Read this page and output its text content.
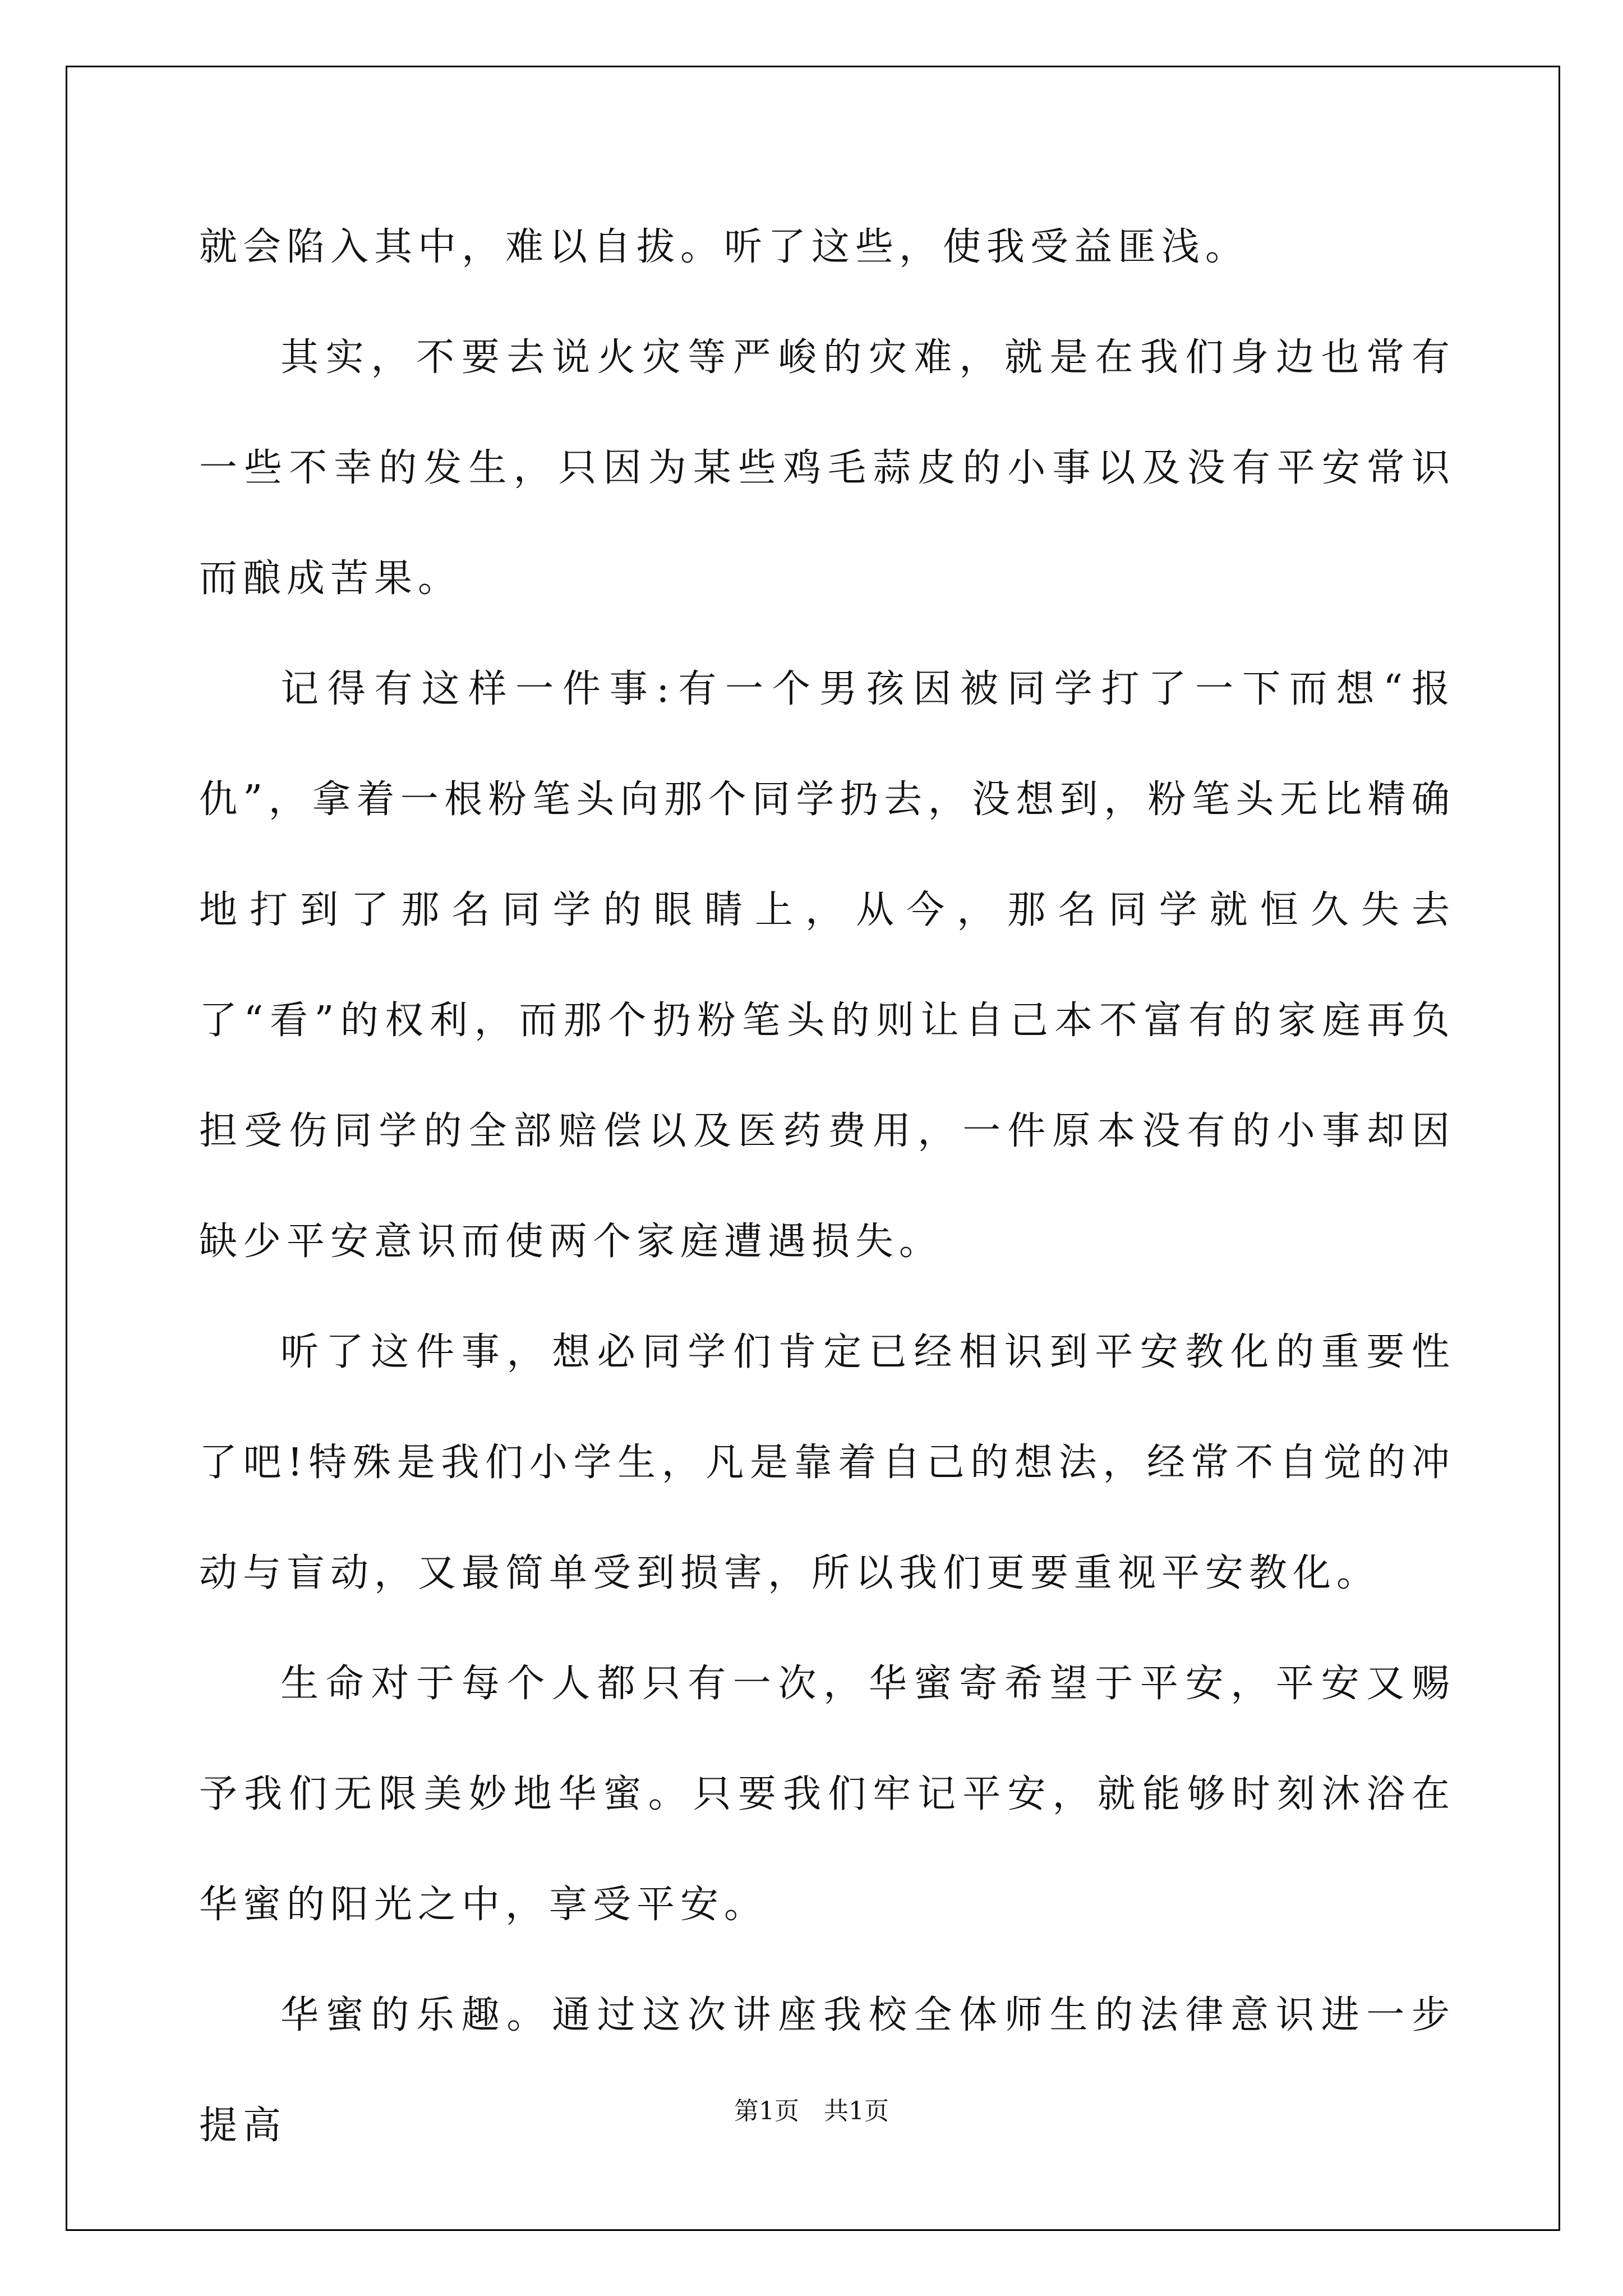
就会陷入其中，难以自拔。听了这些，使我受益匪浅。

其实，不要去说火灾等严峻的灾难，就是在我们身边也常有一些不幸的发生，只因为某些鸡毛蒜皮的小事以及没有平安常识而酿成苦果。

记得有这样一件事:有一个男孩因被同学打了一下而想“报仇”，拿着一根粉笔头向那个同学扔去，没想到，粉笔头无比精确地打到了那名同学的眼睛上，从今，那名同学就恒久失去了“看”的权利，而那个扔粉笔头的则让自己本不富有的家庭再负担受伤同学的全部赔偿以及医药费用，一件原本没有的小事却因缺少平安意识而使两个家庭遭遇损失。

听了这件事，想必同学们肯定已经相识到平安教化的重要性了吧!特殊是我们小学生，凡是靠着自己的想法，经常不自觉的冲动与盲动，又最简单受到损害，所以我们更要重视平安教化。

生命对于每个人都只有一次，华蜜寄希望于平安，平安又赐予我们无限美妙地华蜜。只要我们牢记平安，就能够时刻沐浴在华蜜的阳光之中，享受平安。

华蜜的乐趣。通过这次讲座我校全体师生的法律意识进一步提高	第1页　共1页
